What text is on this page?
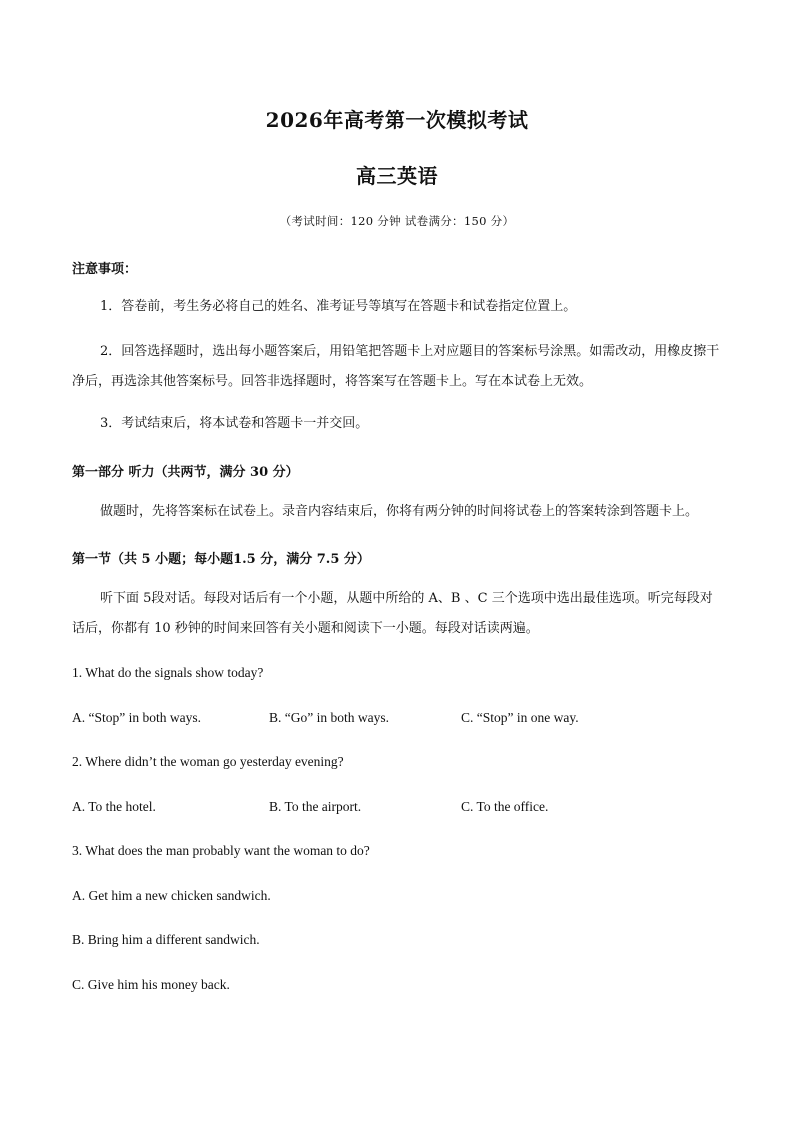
2026年高考第一次模拟考试
高三英语
（考试时间：120 分钟 试卷满分：150 分）
注意事项：
1．答卷前，考生务必将自己的姓名、准考证号等填写在答题卡和试卷指定位置上。
2．回答选择题时，选出每小题答案后，用铅笔把答题卡上对应题目的答案标号涂黑。如需改动，用橡皮擦干净后，再选涂其他答案标号。回答非选择题时，将答案写在答题卡上。写在本试卷上无效。
3．考试结束后，将本试卷和答题卡一并交回。
第一部分 听力（共两节，满分 30 分）
做题时，先将答案标在试卷上。录音内容结束后，你将有两分钟的时间将试卷上的答案转涂到答题卡上。
第一节（共 5 小题；每小题1.5 分，满分 7.5 分）
听下面 5段对话。每段对话后有一个小题，从题中所给的 A、B 、C 三个选项中选出最佳选项。听完每段对话后，你都有 10 秒钟的时间来回答有关小题和阅读下一小题。每段对话读两遍。
1. What do the signals show today?
A. “Stop” in both ways.	B. “Go” in both ways.	C. “Stop” in one way.
2. Where didn’t the woman go yesterday evening?
A. To the hotel.	B. To the airport.	C. To the office.
3. What does the man probably want the woman to do?
A. Get him a new chicken sandwich.
B. Bring him a different sandwich.
C. Give him his money back.
